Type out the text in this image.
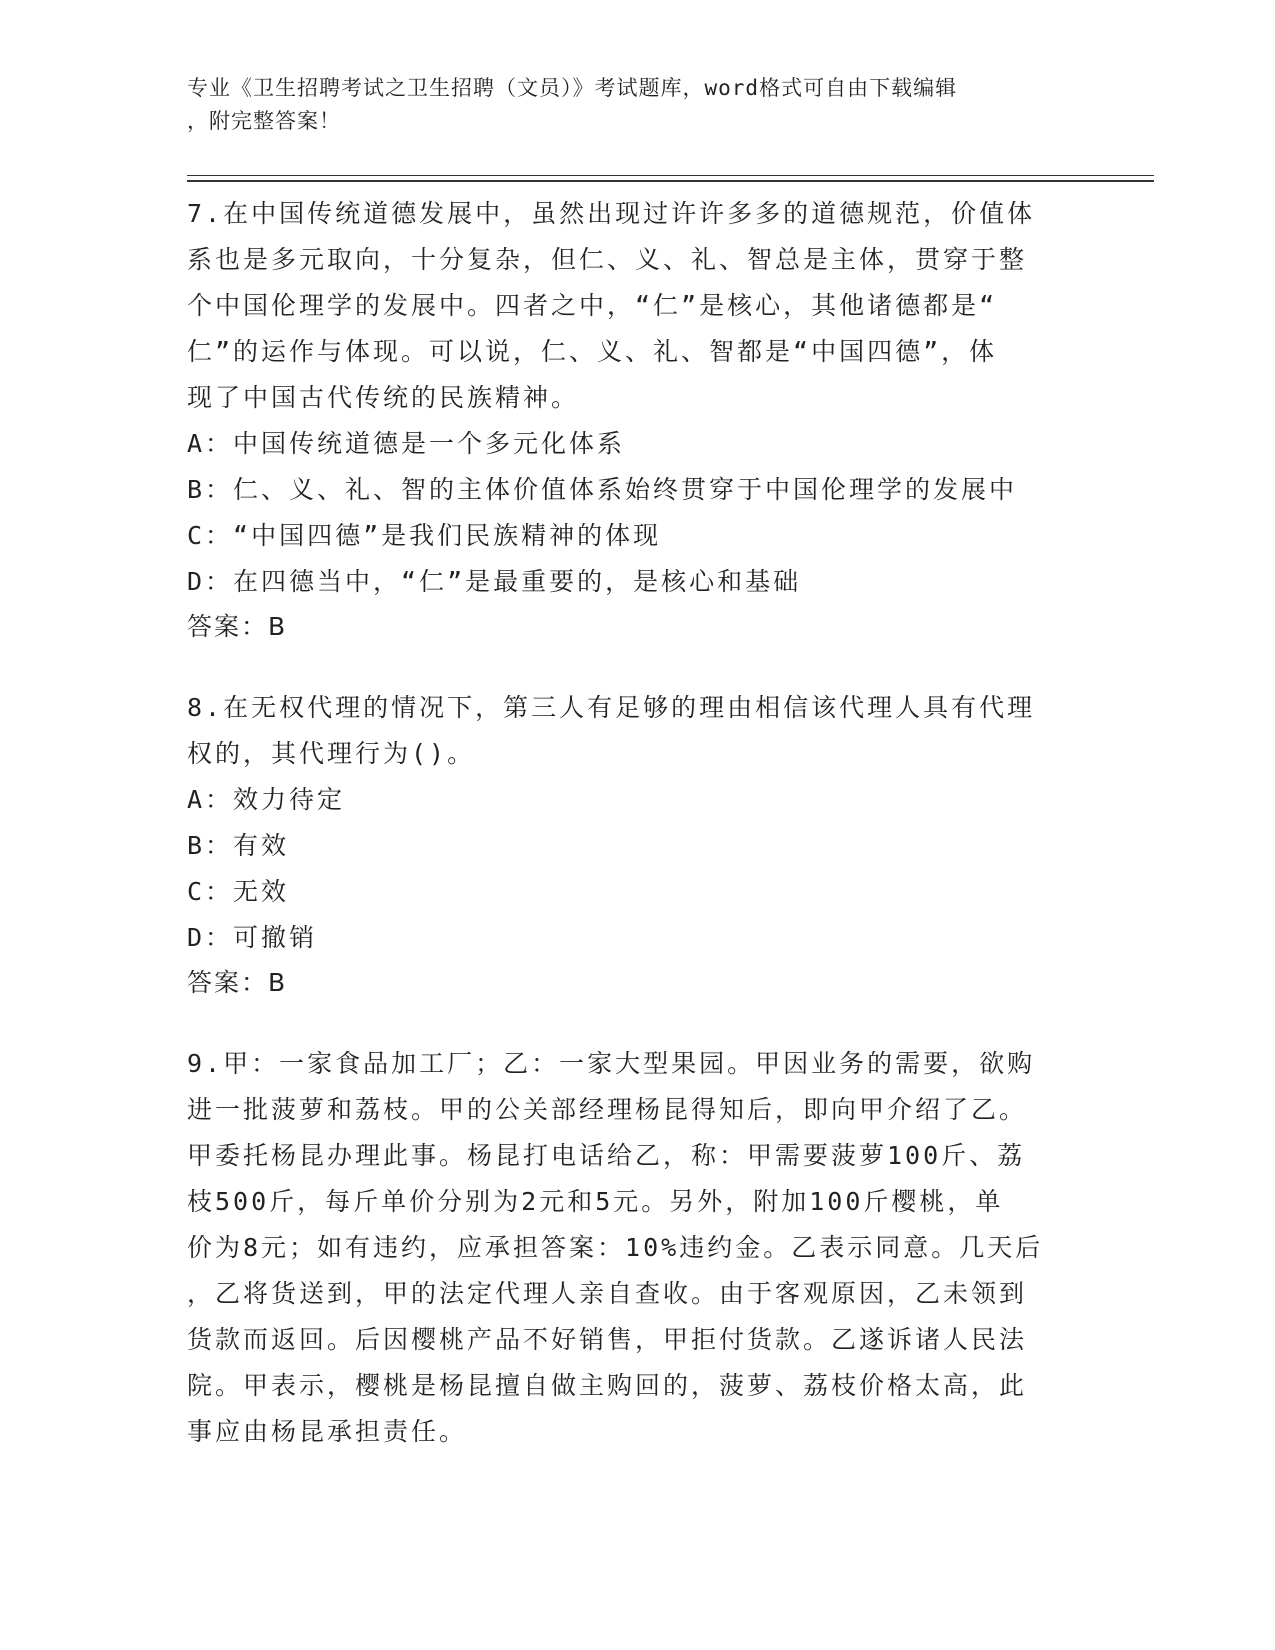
专业《卫生招聘考试之卫生招聘（文员）》考试题库，word格式可自由下载编辑
，附完整答案！
7.在中国传统道德发展中，虽然出现过许许多多的道德规范，价值体
系也是多元取向，十分复杂，但仁、义、礼、智总是主体，贯穿于整
个中国伦理学的发展中。四者之中，“仁”是核心，其他诸德都是“
仁”的运作与体现。可以说，仁、义、礼、智都是“中国四德”，体
现了中国古代传统的民族精神。
A：中国传统道德是一个多元化体系
B：仁、义、礼、智的主体价值体系始终贯穿于中国伦理学的发展中
C：“中国四德”是我们民族精神的体现
D：在四德当中，“仁”是最重要的，是核心和基础
答案：B
8.在无权代理的情况下，第三人有足够的理由相信该代理人具有代理
权的，其代理行为()。
A：效力待定
B：有效
C：无效
D：可撤销
答案：B
9.甲：一家食品加工厂；乙：一家大型果园。甲因业务的需要，欲购
进一批菠萝和荔枝。甲的公关部经理杨昆得知后，即向甲介绍了乙。
甲委托杨昆办理此事。杨昆打电话给乙，称：甲需要菠萝100斤、荔
枝500斤，每斤单价分别为2元和5元。另外，附加100斤樱桃，单
价为8元；如有违约，应承担答案：10%违约金。乙表示同意。几天后
，乙将货送到，甲的法定代理人亲自查收。由于客观原因，乙未领到
货款而返回。后因樱桃产品不好销售，甲拒付货款。乙遂诉诸人民法
院。甲表示，樱桃是杨昆擅自做主购回的，菠萝、荔枝价格太高，此
事应由杨昆承担责任。
